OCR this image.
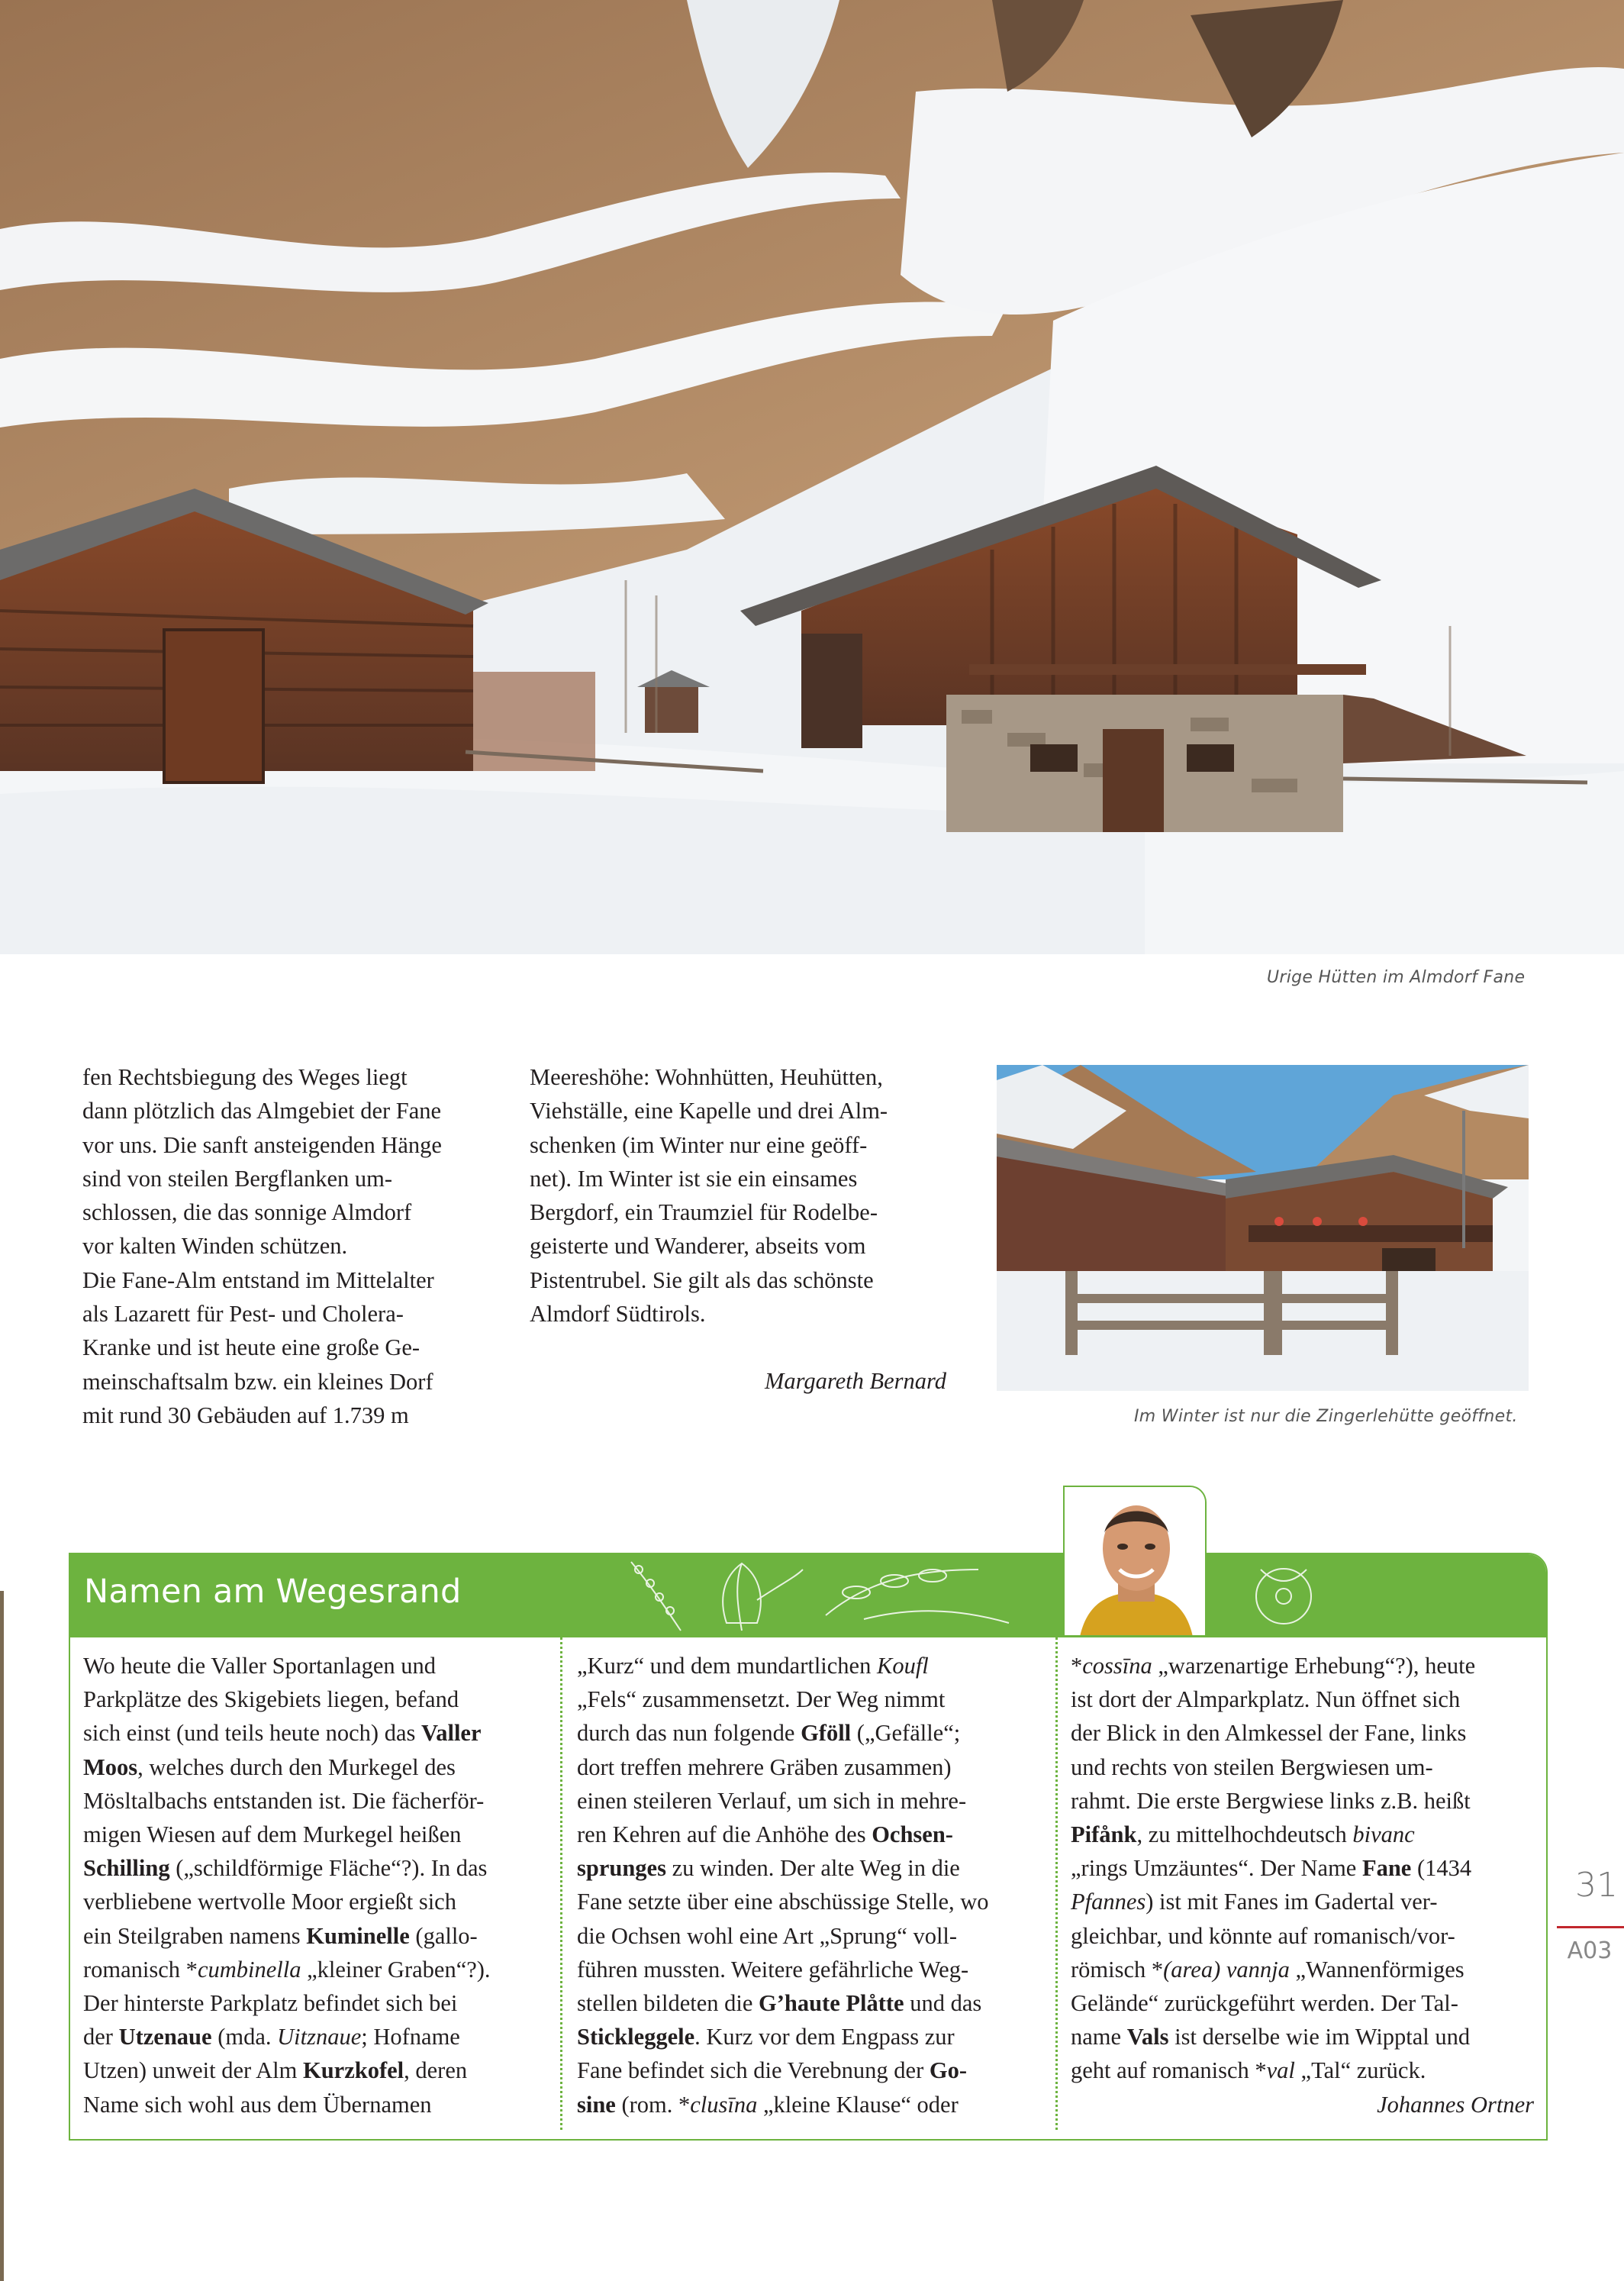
Urige Hütten im Almdorf Fane

fen Rechtsbiegung des Weges liegt

dann plötzlich das Almgebiet der Fane

vor uns. Die sanft ansteigenden Hänge

sind von steilen Bergflanken um-

schlossen, die das sonnige Almdorf

vor kalten Winden schützen.

Die Fane-Alm entstand im Mittelalter

als Lazarett für Pest- und Cholera-

Kranke und ist heute eine große Ge-

meinschaftsalm bzw. ein kleines Dorf

mit rund 30 Gebäuden auf 1.739 m

Meereshöhe: Wohnhütten, Heuhütten,

Viehställe, eine Kapelle und drei Alm-

schenken (im Winter nur eine geöff-

net). Im Winter ist sie ein einsames

Bergdorf, ein Traumziel für Rodelbe-

geisterte und Wanderer, abseits vom

Pistentrubel. Sie gilt als das schönste

Almdorf Südtirols.

Margareth Bernard
Im Winter ist nur die Zingerlehütte geöffnet.
Namen am Wegesrand

Wo heute die Valler Sportanlagen und

Parkplätze des Skigebiets liegen, befand

sich einst (und teils heute noch) das Valler

Moos, welches durch den Murkegel des

Mösltalbachs entstanden ist. Die fächerför-

migen Wiesen auf dem Murkegel heißen

Schilling („schildförmige Fläche“?). In das

verbliebene wertvolle Moor ergießt sich

ein Steilgraben namens Kuminelle (gallo-

romanisch *cumbinella „kleiner Graben“?).

Der hinterste Parkplatz befindet sich bei

der Utzenaue (mda. Uitznaue; Hofname

Utzen) unweit der Alm Kurzkofel, deren

Name sich wohl aus dem Übernamen

„Kurz“ und dem mundartlichen Koufl

„Fels“ zusammensetzt. Der Weg nimmt

durch das nun folgende Gföll („Gefälle“;

dort treffen mehrere Gräben zusammen)

einen steileren Verlauf, um sich in mehre-

ren Kehren auf die Anhöhe des Ochsen-

sprunges zu winden. Der alte Weg in die

Fane setzte über eine abschüssige Stelle, wo

die Ochsen wohl eine Art „Sprung“ voll-

führen mussten. Weitere gefährliche Weg-

stellen bildeten die G’haute Plåtte und das

Stickleggele. Kurz vor dem Engpass zur

Fane befindet sich die Verebnung der Go-

sine (rom. *clusīna „kleine Klause“ oder

*cossīna „warzenartige Erhebung“?), heute

ist dort der Almparkplatz. Nun öffnet sich

der Blick in den Almkessel der Fane, links

und rechts von steilen Bergwiesen um-

rahmt. Die erste Bergwiese links z.B. heißt

Pifånk, zu mittelhochdeutsch bivanc

„rings Umzäuntes“. Der Name Fane (1434

Pfannes) ist mit Fanes im Gadertal ver-

gleichbar, und könnte auf romanisch/vor-

römisch *(area) vannja „Wannenförmiges

Gelände“ zurückgeführt werden. Der Tal-

name Vals ist derselbe wie im Wipptal und

geht auf romanisch *val „Tal“ zurück.

Johannes Ortner
31
A03
